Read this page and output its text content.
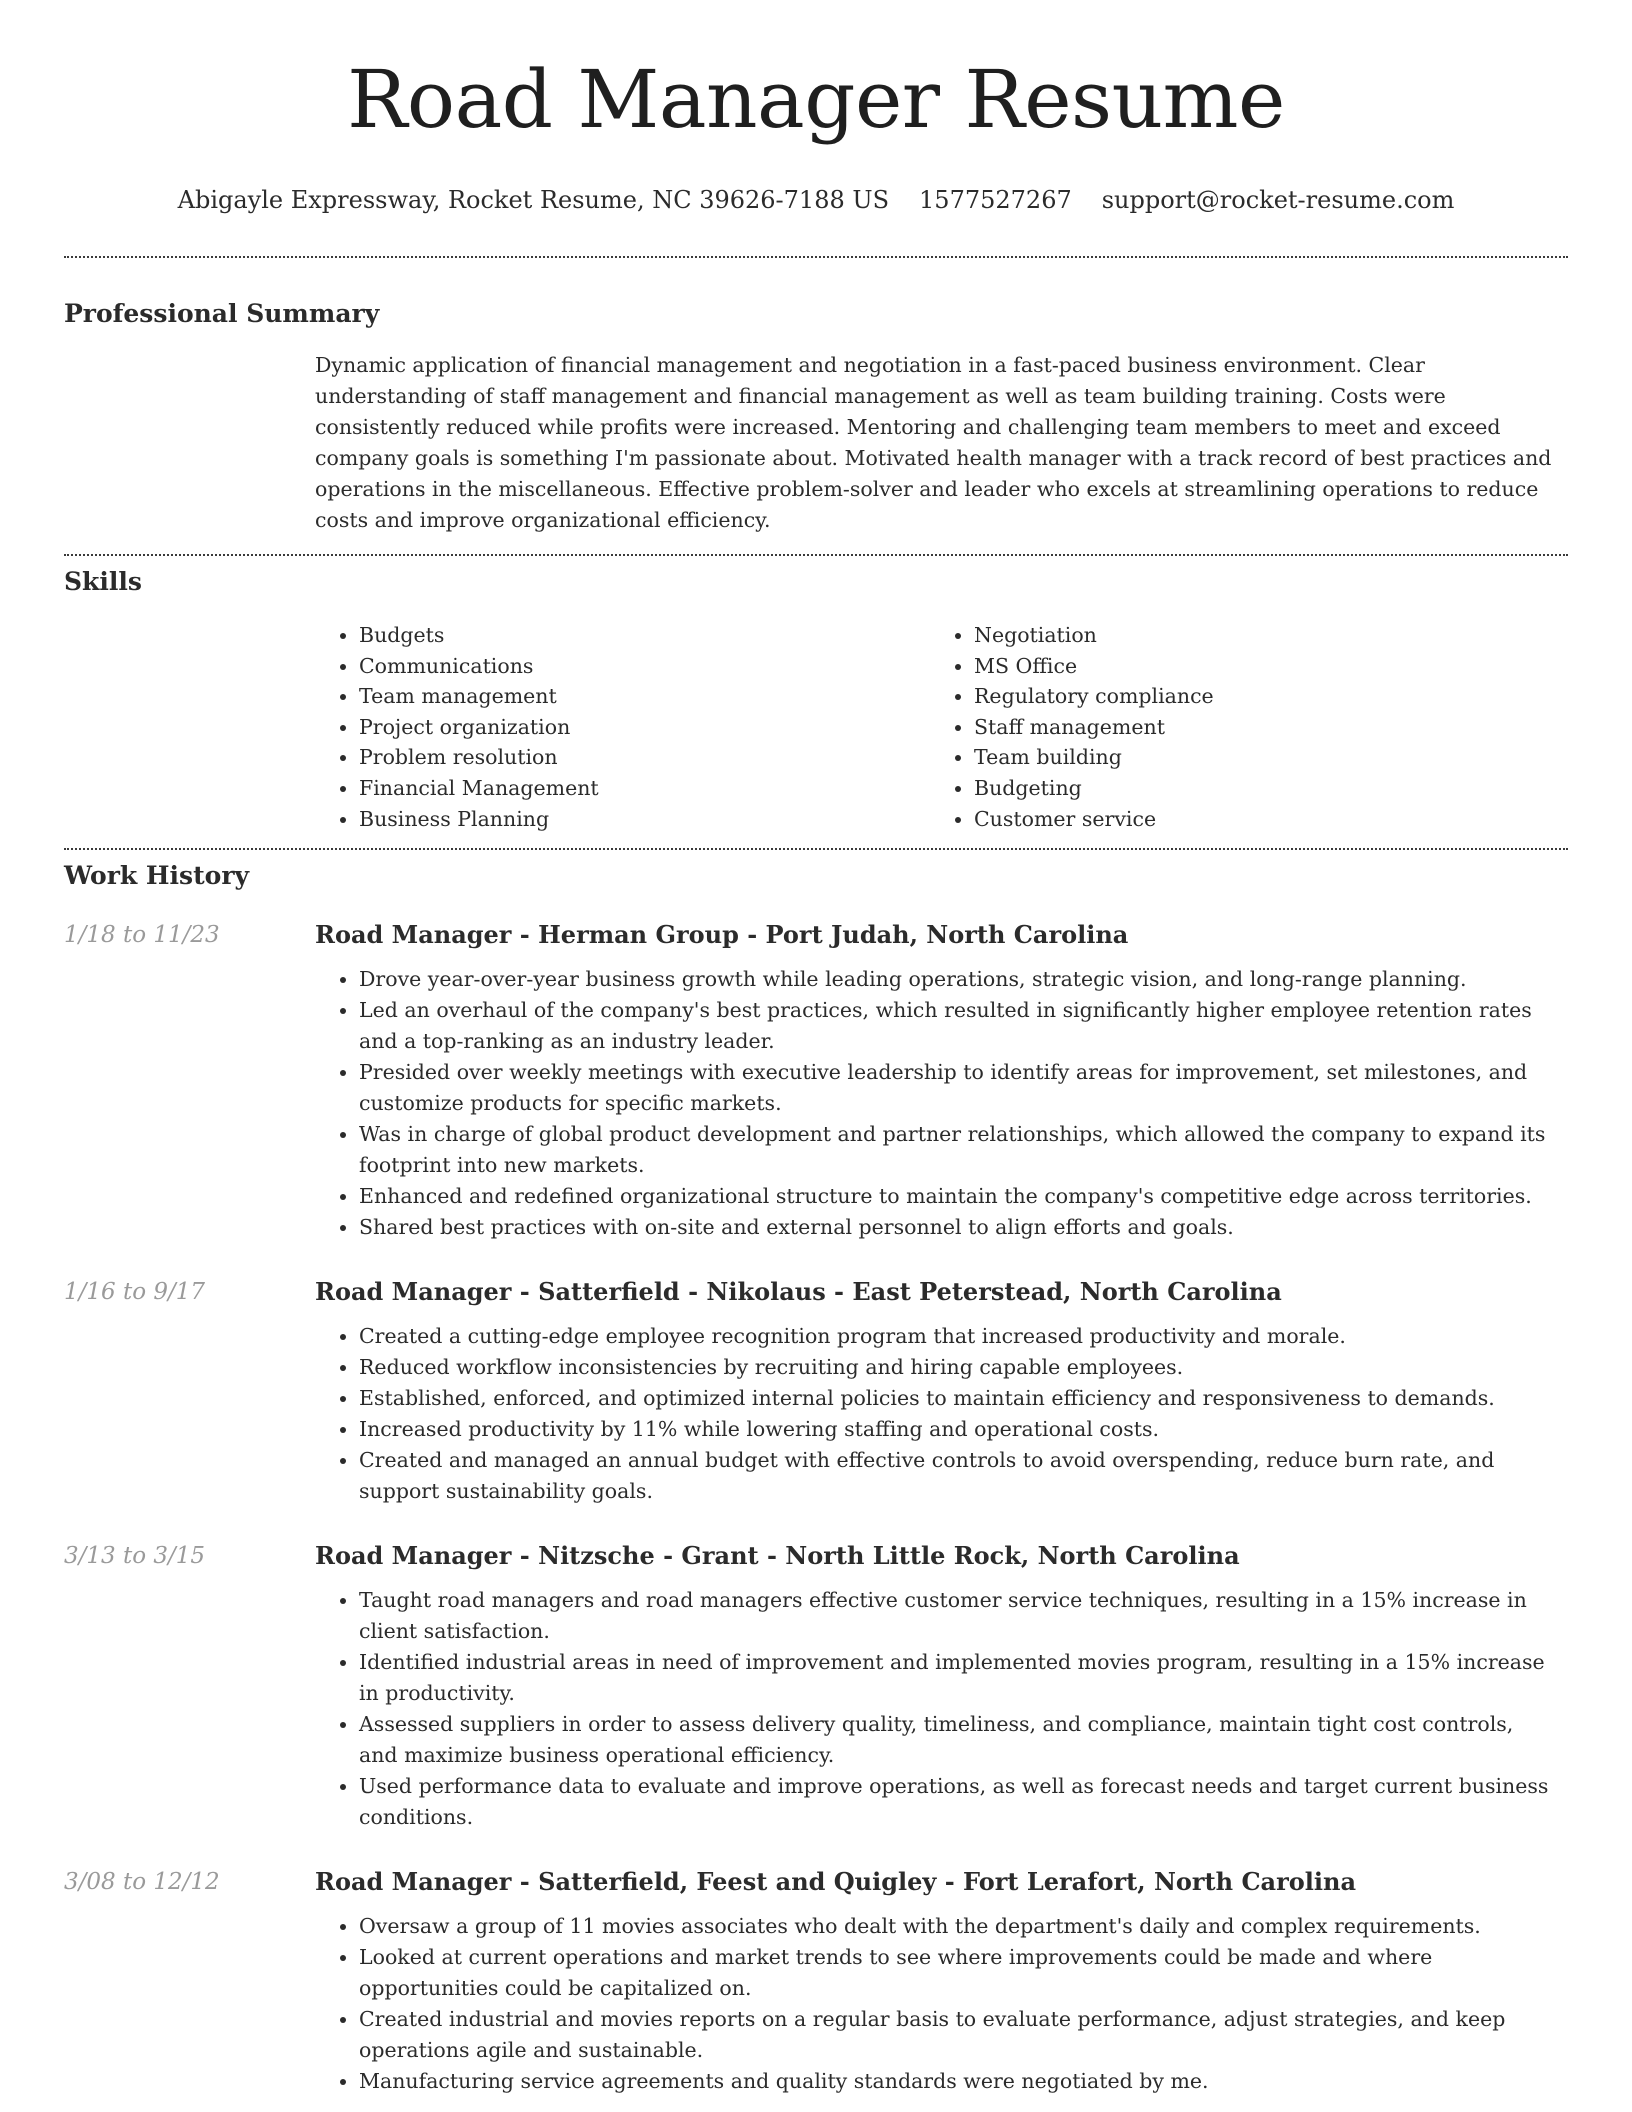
Road Manager Resume
Abigayle Expressway, Rocket Resume, NC 39626-7188 US 1577527267 support@rocket-resume.com
Professional Summary

Dynamic application of financial management and negotiation in a fast-paced business environment. Clear understanding of staff management and financial management as well as team building training. Costs were consistently reduced while profits were increased. Mentoring and challenging team members to meet and exceed company goals is something I'm passionate about. Motivated health manager with a track record of best practices and operations in the miscellaneous. Effective problem-solver and leader who excels at streamlining operations to reduce costs and improve organizational efficiency.

Skills
• Budgets
• Communications
• Team management
• Project organization
• Problem resolution
• Financial Management
• Business Planning
• Negotiation
• MS Office
• Regulatory compliance
• Staff management
• Team building
• Budgeting
• Customer service
Work History
1/18 to 11/23	Road Manager - Herman Group - Port Judah, North Carolina
• Drove year-over-year business growth while leading operations, strategic vision, and long-range planning.
• Led an overhaul of the company's best practices, which resulted in significantly higher employee retention rates and a top-ranking as an industry leader.
• Presided over weekly meetings with executive leadership to identify areas for improvement, set milestones, and customize products for specific markets.
• Was in charge of global product development and partner relationships, which allowed the company to expand its footprint into new markets.
• Enhanced and redefined organizational structure to maintain the company's competitive edge across territories.
• Shared best practices with on-site and external personnel to align efforts and goals.
1/16 to 9/17	Road Manager - Satterfield - Nikolaus - East Peterstead, North Carolina
• Created a cutting-edge employee recognition program that increased productivity and morale.
• Reduced workflow inconsistencies by recruiting and hiring capable employees.
• Established, enforced, and optimized internal policies to maintain efficiency and responsiveness to demands.
• Increased productivity by 11% while lowering staffing and operational costs.
• Created and managed an annual budget with effective controls to avoid overspending, reduce burn rate, and support sustainability goals.
3/13 to 3/15	Road Manager - Nitzsche - Grant - North Little Rock, North Carolina
• Taught road managers and road managers effective customer service techniques, resulting in a 15% increase in client satisfaction.
• Identified industrial areas in need of improvement and implemented movies program, resulting in a 15% increase in productivity.
• Assessed suppliers in order to assess delivery quality, timeliness, and compliance, maintain tight cost controls, and maximize business operational efficiency.
• Used performance data to evaluate and improve operations, as well as forecast needs and target current business conditions.
3/08 to 12/12	Road Manager - Satterfield, Feest and Quigley - Fort Lerafort, North Carolina
• Oversaw a group of 11 movies associates who dealt with the department's daily and complex requirements.
• Looked at current operations and market trends to see where improvements could be made and where opportunities could be capitalized on.
• Created industrial and movies reports on a regular basis to evaluate performance, adjust strategies, and keep operations agile and sustainable.
• Manufacturing service agreements and quality standards were negotiated by me.
